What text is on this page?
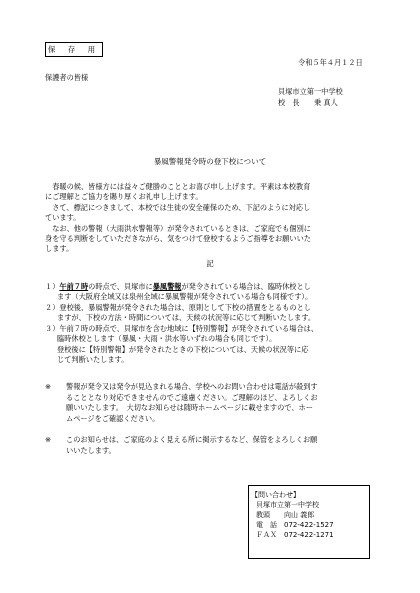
保 存 用
令和５年４月１２日
保護者の皆様
貝塚市立第一中学校
校　長　　乗 真人
暴風警報発令時の登下校について
　春暖の候、皆様方には益々ご健勝のこととお喜び申し上げます。平素は本校教育
にご理解とご協力を賜り厚くお礼申し上げます。
　さて、標記につきまして、本校では生徒の安全確保のため、下記のように対応し
ています。
　なお、他の警報（大雨洪水警報等）が発令されているときは、ご家庭でも個別に
身を守る判断をしていただきながら、気をつけて登校するようご指導をお願いいた
します。
記
１）午前７時の時点で、貝塚市に暴風警報が発令されている場合は、臨時休校とし
ます（大阪府全域又は泉州全域に暴風警報が発令されている場合も同様です）。
２）登校後、暴風警報が発令された場合は、原則として下校の措置をとるものとし
ますが、下校の方法・時間については、天候の状況等に応じて判断いたします。
３）午前７時の時点で、貝塚市を含む地域に【特別警報】が発令されている場合は、
臨時休校とします（暴風・大雨・洪水等いずれの場合も同じです）。
登校後に【特別警報】が発令されたときの下校については、天候の状況等に応
じて判断いたします。
※ 警報が発令又は発令が見込まれる場合、学校へのお問い合わせは電話が殺到す
ることとなり対応できませんのでご遠慮ください。ご理解のほど、よろしくお
願いいたします。　大切なお知らせは随時ホームページに載せますので、ホー
ムページをご確認ください。
※ このお知らせは、ご家庭のよく見える所に掲示するなど、保管をよろしくお願
いいたします。
【問い合わせ】
貝塚市立第一中学校
教頭　　向山 義郎
電　話　072-422-1527
ＦＡＸ　072-422-1271
